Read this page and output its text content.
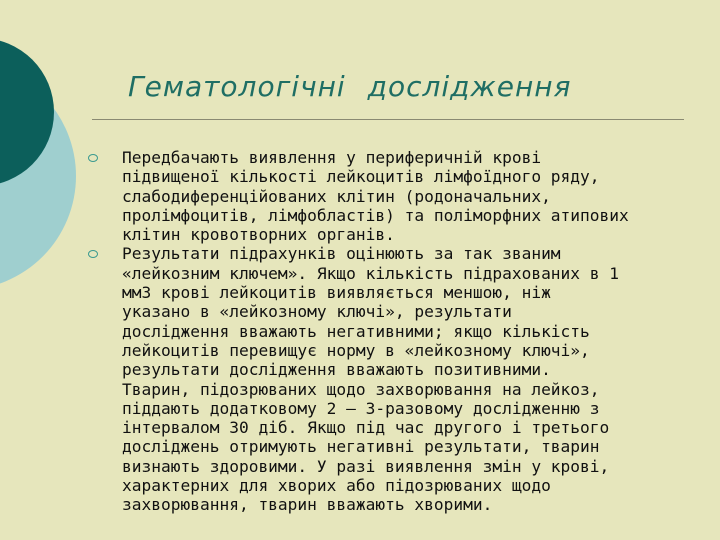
Гематологічні дослідження
Передбачають виявлення у периферичній крові
підвищеної кількості лейкоцитів лімфоїдного ряду,
слабодиференційованих клітин (родоначальних,
пролімфоцитів, лімфобластів) та поліморфних атипових
клітин кровотворних органів.
Результати підрахунків оцінюють за так званим
«лейкозним ключем». Якщо кількість підрахованих в 1
мм3 крові лейкоцитів виявляється меншою, ніж
указано в «лейкозному ключі», результати
дослідження вважають негативними; якщо кількість
лейкоцитів перевищує норму в «лейкозному ключі»,
результати дослідження вважають позитивними.
Тварин, підозрюваних щодо захворювання на лейкоз,
піддають додатковому 2 – 3-разовому дослідженню з
інтервалом 30 діб. Якщо під час другого і третього
досліджень отримують негативні результати, тварин
визнають здоровими. У разі виявлення змін у крові,
характерних для хворих або підозрюваних щодо
захворювання, тварин вважають хворими.
